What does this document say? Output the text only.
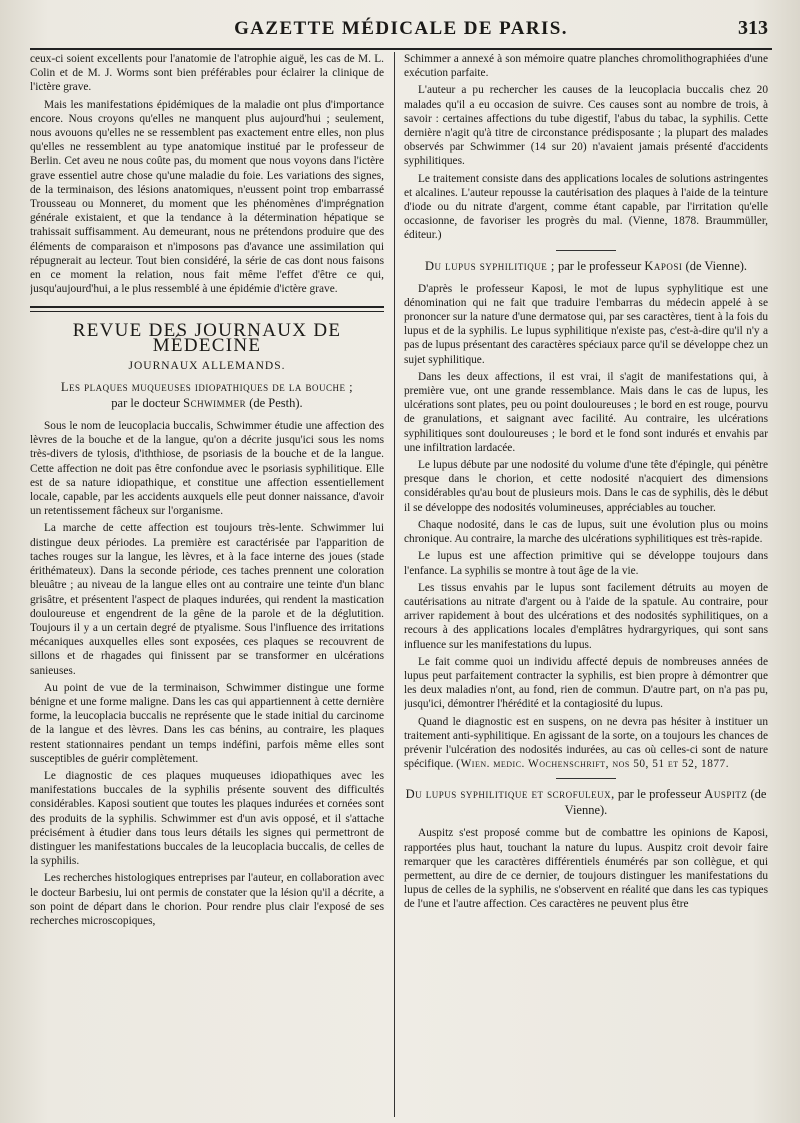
GAZETTE MÉDICALE DE PARIS.	313

ceux-ci soient excellents pour l'anatomie de l'atrophie aiguë, les cas de M. L. Colin et de M. J. Worms sont bien préférables pour éclairer la clinique de l'ictère grave.

Mais les manifestations épidémiques de la maladie ont plus d'importance encore. Nous croyons qu'elles ne manquent plus aujourd'hui ; seulement, nous avouons qu'elles ne se ressemblent pas exactement entre elles, non plus qu'elles ne ressemblent au type anatomique institué par le professeur de Berlin. Cet aveu ne nous coûte pas, du moment que nous voyons dans l'ictère grave essentiel autre chose qu'une maladie du foie. Les variations des signes, de la terminaison, des lésions anatomiques, n'eussent point trop embarrassé Trousseau ou Monneret, du moment que les phénomènes d'imprégnation générale existaient, et que la tendance à la détermination hépatique se trahissait suffisamment. Au demeurant, nous ne prétendons produire que des éléments de comparaison et n'imposons pas d'avance une assimilation qui répugnerait au lecteur. Tout bien considéré, la série de cas dont nous faisons en ce moment la relation, nous fait même l'effet d'être ce qui, jusqu'aujourd'hui, a le plus ressemblé à une épidémie d'ictère grave.

REVUE DES JOURNAUX DE MÉDECINE
JOURNAUX ALLEMANDS.
Les plaques muqueuses idiopathiques de la bouche ;
par le docteur Schwimmer (de Pesth).

Sous le nom de leucoplacia buccalis, Schwimmer étudie une affection des lèvres de la bouche et de la langue, qu'on a décrite jusqu'ici sous les noms très-divers de tylosis, d'iththiose, de psoriasis de la bouche et de la langue. Cette affection ne doit pas être confondue avec le psoriasis syphilitique. Elle est de sa nature idiopathique, et constitue une affection essentiellement locale, capable, par les accidents auxquels elle peut donner naissance, d'avoir un retentissement fâcheux sur l'organisme.

La marche de cette affection est toujours très-lente. Schwimmer lui distingue deux périodes. La première est caractérisée par l'apparition de taches rouges sur la langue, les lèvres, et à la face interne des joues (stade érithémateux). Dans la seconde période, ces taches prennent une coloration bleuâtre ; au niveau de la langue elles ont au contraire une teinte d'un blanc grisâtre, et présentent l'aspect de plaques indurées, qui rendent la mastication douloureuse et engendrent de la gêne de la parole et de la déglutition. Toujours il y a un certain degré de ptyalisme. Sous l'influence des irritations mécaniques auxquelles elles sont exposées, ces plaques se recouvrent de sillons et de rhagades qui finissent par se transformer en ulcérations sanieuses.

Au point de vue de la terminaison, Schwimmer distingue une forme bénigne et une forme maligne. Dans les cas qui appartiennent à cette dernière forme, la leucoplacia buccalis ne représente que le stade initial du carcinome de la langue et des lèvres. Dans les cas bénins, au contraire, les plaques restent stationnaires pendant un temps indéfini, parfois même elles sont susceptibles de guérir complètement.

Le diagnostic de ces plaques muqueuses idiopathiques avec les manifestations buccales de la syphilis présente souvent des difficultés considérables. Kaposi soutient que toutes les plaques indurées et cornées sont des produits de la syphilis. Schwimmer est d'un avis opposé, et il s'attache précisément à étudier dans tous leurs détails les signes qui permettront de distinguer les manifestations buccales de la leucoplacia buccalis, de celles de la syphilis.

Les recherches histologiques entreprises par l'auteur, en collaboration avec le docteur Barbesiu, lui ont permis de constater que la lésion qu'il a décrite, a son point de départ dans le chorion. Pour rendre plus clair l'exposé de ses recherches microscopiques,

Schimmer a annexé à son mémoire quatre planches chromolithographiées d'une exécution parfaite.

L'auteur a pu rechercher les causes de la leucoplacia buccalis chez 20 malades qu'il a eu occasion de suivre. Ces causes sont au nombre de trois, à savoir : certaines affections du tube digestif, l'abus du tabac, la syphilis. Cette dernière n'agit qu'à titre de circonstance prédisposante ; la plupart des malades observés par Schwimmer (14 sur 20) n'avaient jamais présenté d'accidents syphilitiques.

Le traitement consiste dans des applications locales de solutions astringentes et alcalines. L'auteur repousse la cautérisation des plaques à l'aide de la teinture d'iode ou du nitrate d'argent, comme étant capable, par l'irritation qu'elle occasionne, de favoriser les progrès du mal. (Vienne, 1878. Braummüller, éditeur.)

Du lupus syphilitique ; par le professeur Kaposi (de Vienne).

D'après le professeur Kaposi, le mot de lupus syphylitique est une dénomination qui ne fait que traduire l'embarras du médecin appelé à se prononcer sur la nature d'une dermatose qui, par ses caractères, tient à la fois du lupus et de la syphilis. Le lupus syphilitique n'existe pas, c'est-à-dire qu'il n'y a pas de lupus présentant des caractères spéciaux parce qu'il se développe chez un sujet syphilitique.

Dans les deux affections, il est vrai, il s'agit de manifestations qui, à première vue, ont une grande ressemblance. Mais dans le cas de lupus, les ulcérations sont plates, peu ou point douloureuses ; le bord en est rouge, pourvu de granulations, et saignant avec facilité. Au contraire, les ulcérations syphilitiques sont douloureuses ; le bord et le fond sont indurés et envahis par une infiltration lardacée.

Le lupus débute par une nodosité du volume d'une tête d'épingle, qui pénètre presque dans le chorion, et cette nodosité n'acquiert des dimensions considérables qu'au bout de plusieurs mois. Dans le cas de syphilis, dès le début il se développe des nodosités volumineuses, appréciables au toucher.

Chaque nodosité, dans le cas de lupus, suit une évolution plus ou moins chronique. Au contraire, la marche des ulcérations syphilitiques est très-rapide.

Le lupus est une affection primitive qui se développe toujours dans l'enfance. La syphilis se montre à tout âge de la vie.

Les tissus envahis par le lupus sont facilement détruits au moyen de cautérisations au nitrate d'argent ou à l'aide de la spatule. Au contraire, pour arriver rapidement à bout des ulcérations et des nodosités syphilitiques, on a recours à des applications locales d'emplâtres hydrargyriques, qui sont sans influence sur les manifestations du lupus.

Le fait comme quoi un individu affecté depuis de nombreuses années de lupus peut parfaitement contracter la syphilis, est bien propre à démontrer que les deux maladies n'ont, au fond, rien de commun. D'autre part, on n'a pas pu, jusqu'ici, démontrer l'hérédité et la contagiosité du lupus.

Quand le diagnostic est en suspens, on ne devra pas hésiter à instituer un traitement anti-syphilitique. En agissant de la sorte, on a toujours les chances de prévenir l'ulcération des nodosités indurées, au cas où celles-ci sont de nature spécifique. (Wien. medic. Wochenschrift, nos 50, 51 et 52, 1877.

Du lupus syphilitique et scrofuleux, par le professeur Auspitz (de Vienne).

Auspitz s'est proposé comme but de combattre les opinions de Kaposi, rapportées plus haut, touchant la nature du lupus. Auspitz croit devoir faire remarquer que les caractères différentiels énumérés par son collègue, et qui permettent, au dire de ce dernier, de toujours distinguer les manifestations du lupus de celles de la syphilis, ne s'observent en réalité que dans les cas typiques de l'une et l'autre affection. Ces caractères ne peuvent plus être
